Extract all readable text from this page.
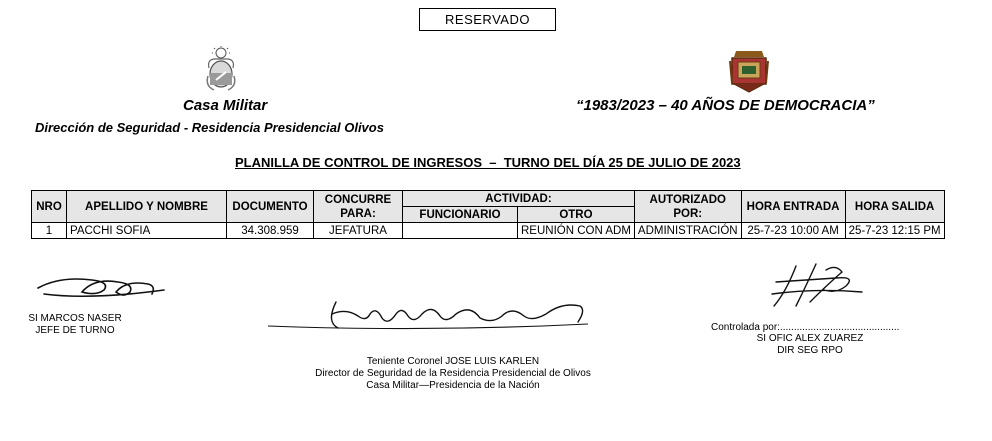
RESERVADO
Casa Militar
Dirección de Seguridad - Residencia Presidencial Olivos
“1983/2023 – 40 AÑOS DE DEMOCRACIA”
PLANILLA DE CONTROL DE INGRESOS  –  TURNO DEL DÍA 25 DE JULIO DE 2023
NRO	APELLIDO Y NOMBRE	DOCUMENTO	CONCURRE PARA:	ACTIVIDAD:		AUTORIZADO POR:	HORA ENTRADA	HORA SALIDA
				FUNCIONARIO	OTRO			
1	PACCHI SOFIA	34.308.959	JEFATURA		REUNIÓN CON ADM	ADMINISTRACIÓN	25-7-23 10:00 AM	25-7-23 12:15 PM
SI MARCOS NASER
JEFE DE TURNO
Teniente Coronel JOSE LUIS KARLEN
Director de Seguridad de la Residencia Presidencial de Olivos
Casa Militar—Presidencia de la Nación
Controlada por:...........................................
SI OFIC ALEX ZUAREZ
DIR SEG RPO
